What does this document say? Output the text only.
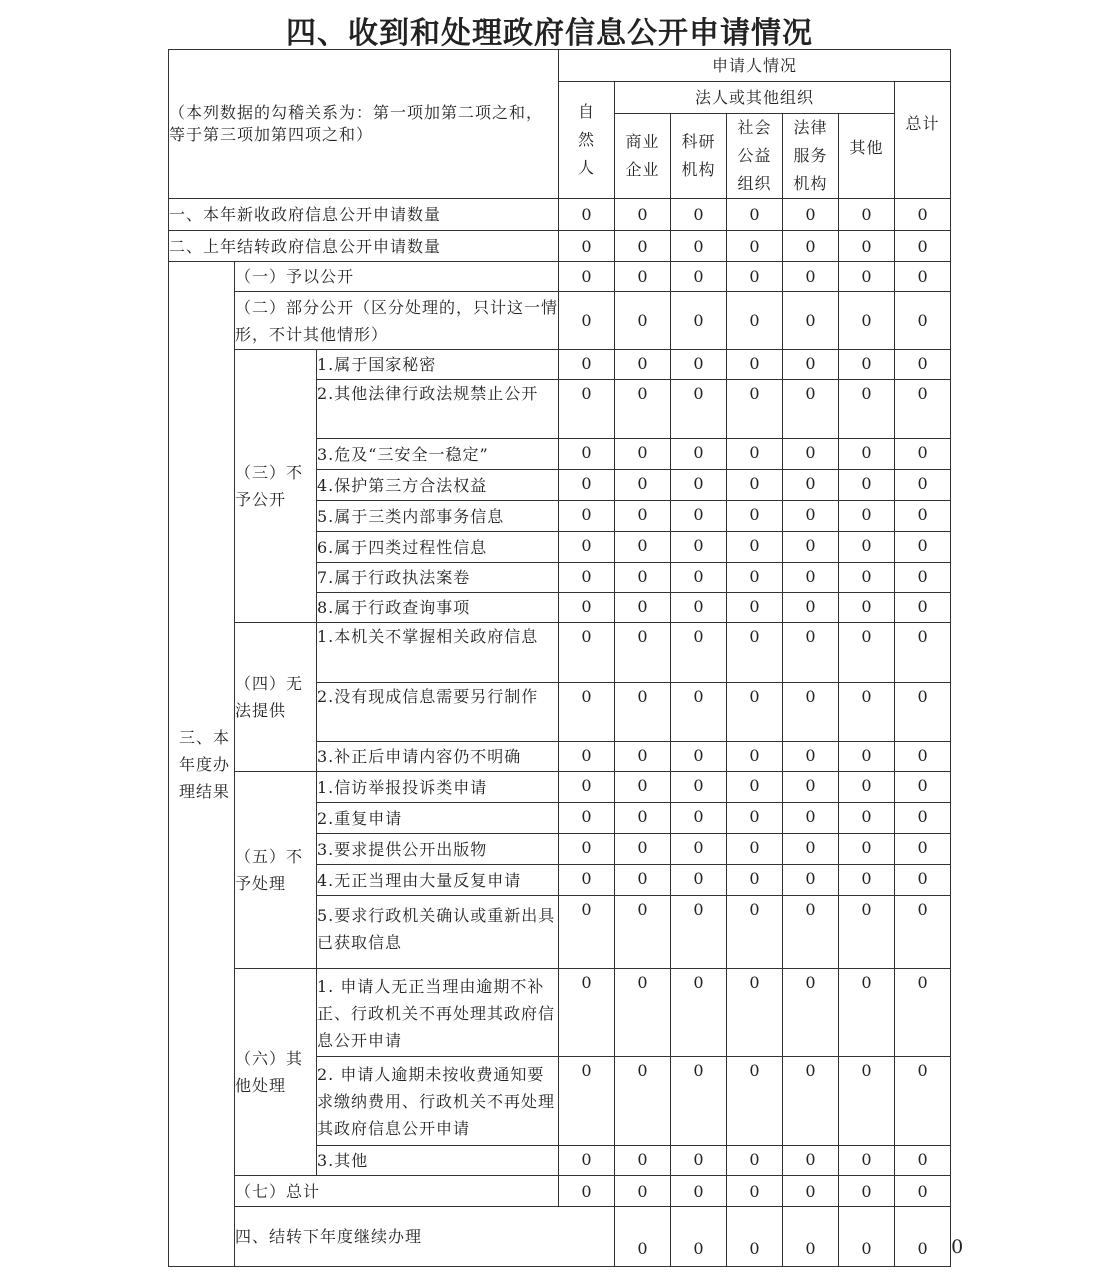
四、收到和处理政府信息公开申请情况
（本列数据的勾稽关系为：第一项加第二项之和，等于第三项加第四项之和）			申请人情况							

			自然人	法人或其他组织					总计	

				商业企业	科研机构	社会公益组织	法律服务机构	其他		

一、本年新收政府信息公开申请数量			0	0	0	0	0	0	0	
二、上年结转政府信息公开申请数量			0	0	0	0	0	0	0	

三、本年度办理结果	（一）予以公开		0	0	0	0	0	0	0	
	（二）部分公开（区分处理的，只计这一情形，不计其他情形）		0	0	0	0	0	0	0	
	（三）不予公开	1.属于国家秘密	0	0	0	0	0	0	0	
		2.其他法律行政法规禁止公开	0	0	0	0	0	0	0	
		3.危及“三安全一稳定”	0	0	0	0	0	0	0	
		4.保护第三方合法权益	0	0	0	0	0	0	0	
		5.属于三类内部事务信息	0	0	0	0	0	0	0	
		6.属于四类过程性信息	0	0	0	0	0	0	0	
		7.属于行政执法案卷	0	0	0	0	0	0	0	
		8.属于行政查询事项	0	0	0	0	0	0	0	
	（四）无法提供	1.本机关不掌握相关政府信息	0	0	0	0	0	0	0	
		2.没有现成信息需要另行制作	0	0	0	0	0	0	0	
		3.补正后申请内容仍不明确	0	0	0	0	0	0	0	
	（五）不予处理	1.信访举报投诉类申请	0	0	0	0	0	0	0	
		2.重复申请	0	0	0	0	0	0	0	
		3.要求提供公开出版物	0	0	0	0	0	0	0	
		4.无正当理由大量反复申请	0	0	0	0	0	0	0	
		5.要求行政机关确认或重新出具已获取信息	0	0	0	0	0	0	0	
	（六）其他处理	1. 申请人无正当理由逾期不补正、行政机关不再处理其政府信息公开申请	0	0	0	0	0	0	0	
		2. 申请人逾期未按收费通知要求缴纳费用、行政机关不再处理其政府信息公开申请	0	0	0	0	0	0	0	
		3.其他	0	0	0	0	0	0	0	
	（七）总计		0	0	0	0	0	0	0	
	四、结转下年度继续办理			0	0	0	0	0	0	0
